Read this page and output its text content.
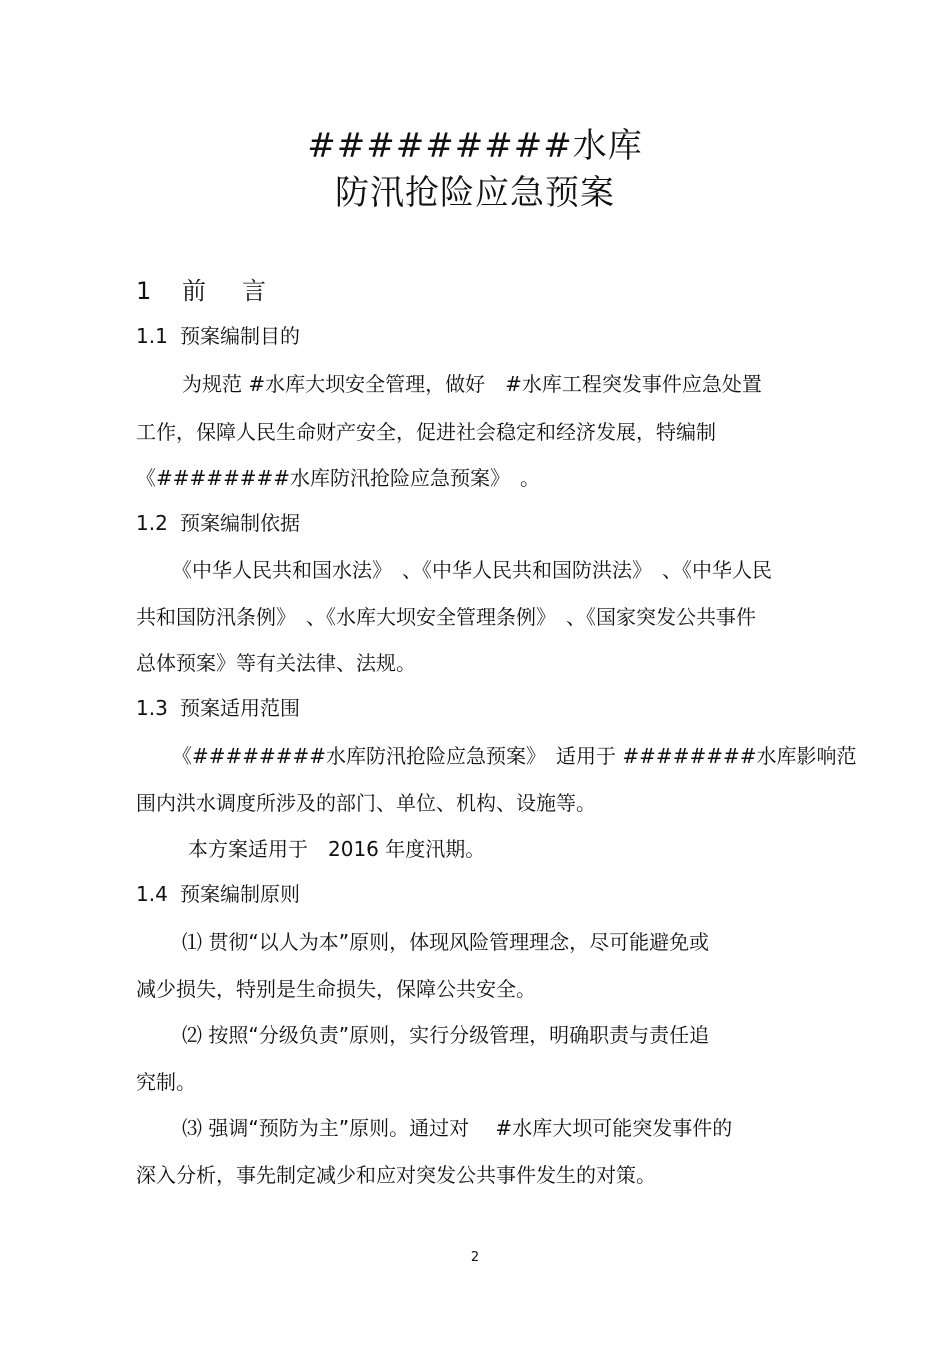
#########水库
防汛抢险应急预案
1 前 言
1.1 预案编制目的
为规范 #水库大坝安全管理，做好　#水库工程突发事件应急处置
工作，保障人民生命财产安全，促进社会稳定和经济发展，特编制
《########水库防汛抢险应急预案》　。
1.2 预案编制依据
《中华人民共和国水法》　、《中华人民共和国防洪法》　、《中华人民
共和国防汛条例》　、《水库大坝安全管理条例》　、《国家突发公共事件
总体预案》等有关法律、法规。
1.3 预案适用范围
《########水库防汛抢险应急预案》　适用于 ########水库影响范
围内洪水调度所涉及的部门、单位、机构、设施等。
本方案适用于　2016 年度汛期。
1.4 预案编制原则
⑴ 贯彻“以人为本”原则，体现风险管理理念，尽可能避免或
减少损失，特别是生命损失，保障公共安全。
⑵ 按照“分级负责”原则，实行分级管理，明确职责与责任追
究制。
⑶ 强调“预防为主”原则。通过对　 #水库大坝可能突发事件的
深入分析，事先制定减少和应对突发公共事件发生的对策。
2
